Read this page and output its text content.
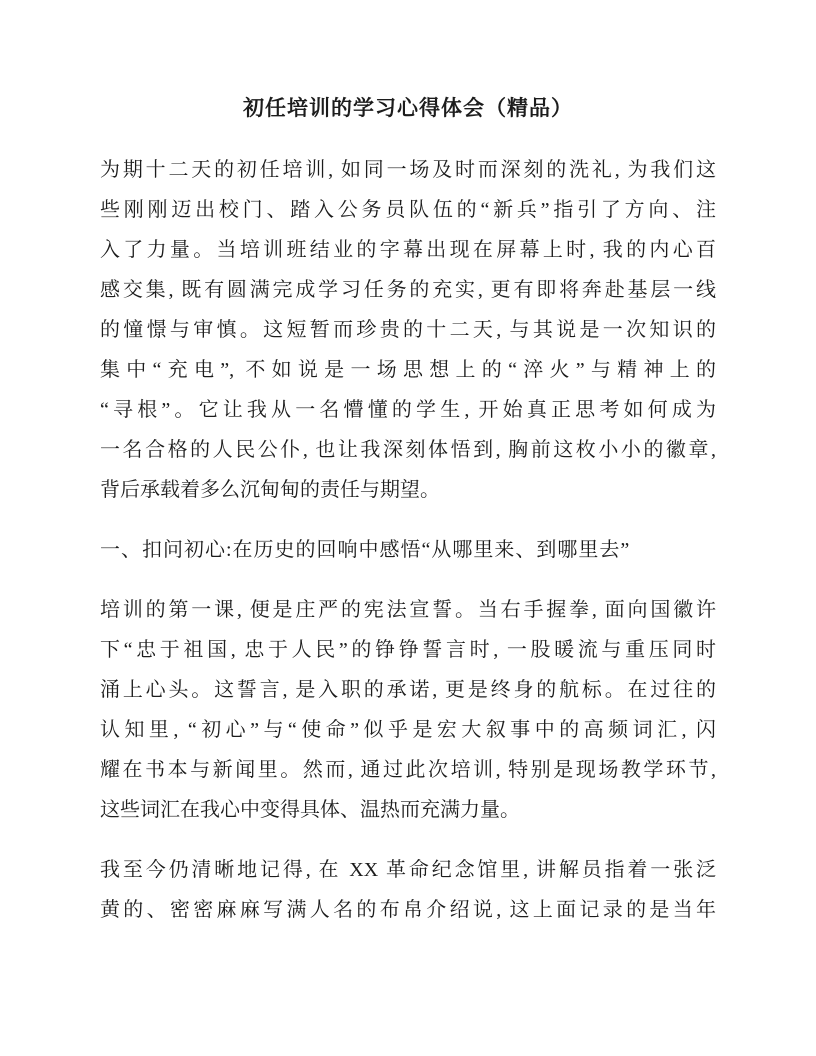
初任培训的学习心得体会（精品）
为期十二天的初任培训, 如同一场及时而深刻的洗礼, 为我们这
些刚刚迈出校门、踏入公务员队伍的“新兵”指引了方向、注
入了力量。当培训班结业的字幕出现在屏幕上时, 我的内心百
感交集, 既有圆满完成学习任务的充实, 更有即将奔赴基层一线
的憧憬与审慎。这短暂而珍贵的十二天, 与其说是一次知识的
集中“充电”, 不如说是一场思想上的“淬火”与精神上的
“寻根”。它让我从一名懵懂的学生, 开始真正思考如何成为
一名合格的人民公仆, 也让我深刻体悟到, 胸前这枚小小的徽章,
背后承载着多么沉甸甸的责任与期望。
一、扣问初心:在历史的回响中感悟“从哪里来、到哪里去”
培训的第一课, 便是庄严的宪法宣誓。当右手握拳, 面向国徽许
下“忠于祖国, 忠于人民”的铮铮誓言时, 一股暖流与重压同时
涌上心头。这誓言, 是入职的承诺, 更是终身的航标。在过往的
认知里, “初心”与“使命”似乎是宏大叙事中的高频词汇, 闪
耀在书本与新闻里。然而, 通过此次培训, 特别是现场教学环节,
这些词汇在我心中变得具体、温热而充满力量。
我至今仍清晰地记得, 在 XX 革命纪念馆里, 讲解员指着一张泛
黄的、密密麻麻写满人名的布帛介绍说, 这上面记录的是当年
